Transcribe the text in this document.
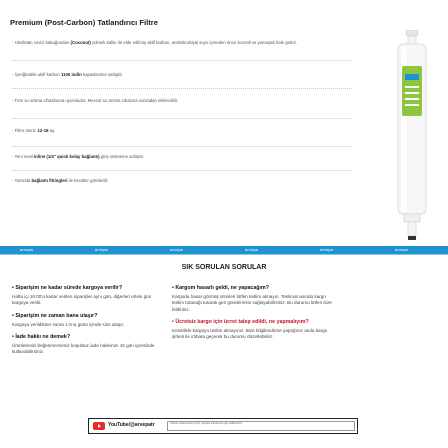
Premium (Post-Carbon) Tatlandırıcı Filtre
- Hindistan cevizi kabuğundan (Coconut) yüksek kalite ile elde edilmiş aktif karbon, antimikrobiyal suyu içmeden önce lezzetli ve yumuşak hale getirir.
- İçeriğindeki aktif karbon 1100 iodin kapasitesine sahiptir.
- Tüm su arıtma cihazlarına uyumludur. Mevcut su arıtma cihazına sonradan eklenebilir.
- Filtre ömrü: 12-18 ay.
- Yeni nesil inline (1/4" quick kolay bağlantı) giriş sistemine sahiptir.
- Yanında bağlantı fittingleri ile beraber gönderilir.
arvepa	arvepa	arvepa	arvepa	arvepa	arvepa
SIK SORULAN SORULAR
• Siparişim ne kadar sürede kargoya verilir?
Hafta içi 16:00'a kadar verilen siparişler aynı gün, diğerleri ertesi gün kargoya verilir.
• Siparişim ne zaman bana ulaşır?
Kargoya verildikten sonra 1-5 iş günü içinde size ulaşır.
• İade hakkı ne demek?
Ürünlerimizi beğenmezseniz koşulsuz iade hakkınızı 15 gün içerisinde kullanabilirsiniz.
• Kargom hasarlı geldi, ne yapacağım?
Kargoda hasar görmüş ürünleri lütfen teslim almayın. Teslimat anında kargo teslim tutanağı tutarak geri gönderimini sağlayabilirsiniz. Bu durumu lütfen bize bildiriniz.
• Ücretsiz kargo için ücret talep edildi, ne yapmalıyım?
Kesinlikle kargoyu teslim almayınız. Bize bilgilendirme yaptığınız anda kargo şirketi ile irtibata geçerek bu durumu düzeltebiliriz.
YouTube/@arvepatr	Videolu anlatımlarımız için youtube kanalımıza göz atabilirsiniz.
